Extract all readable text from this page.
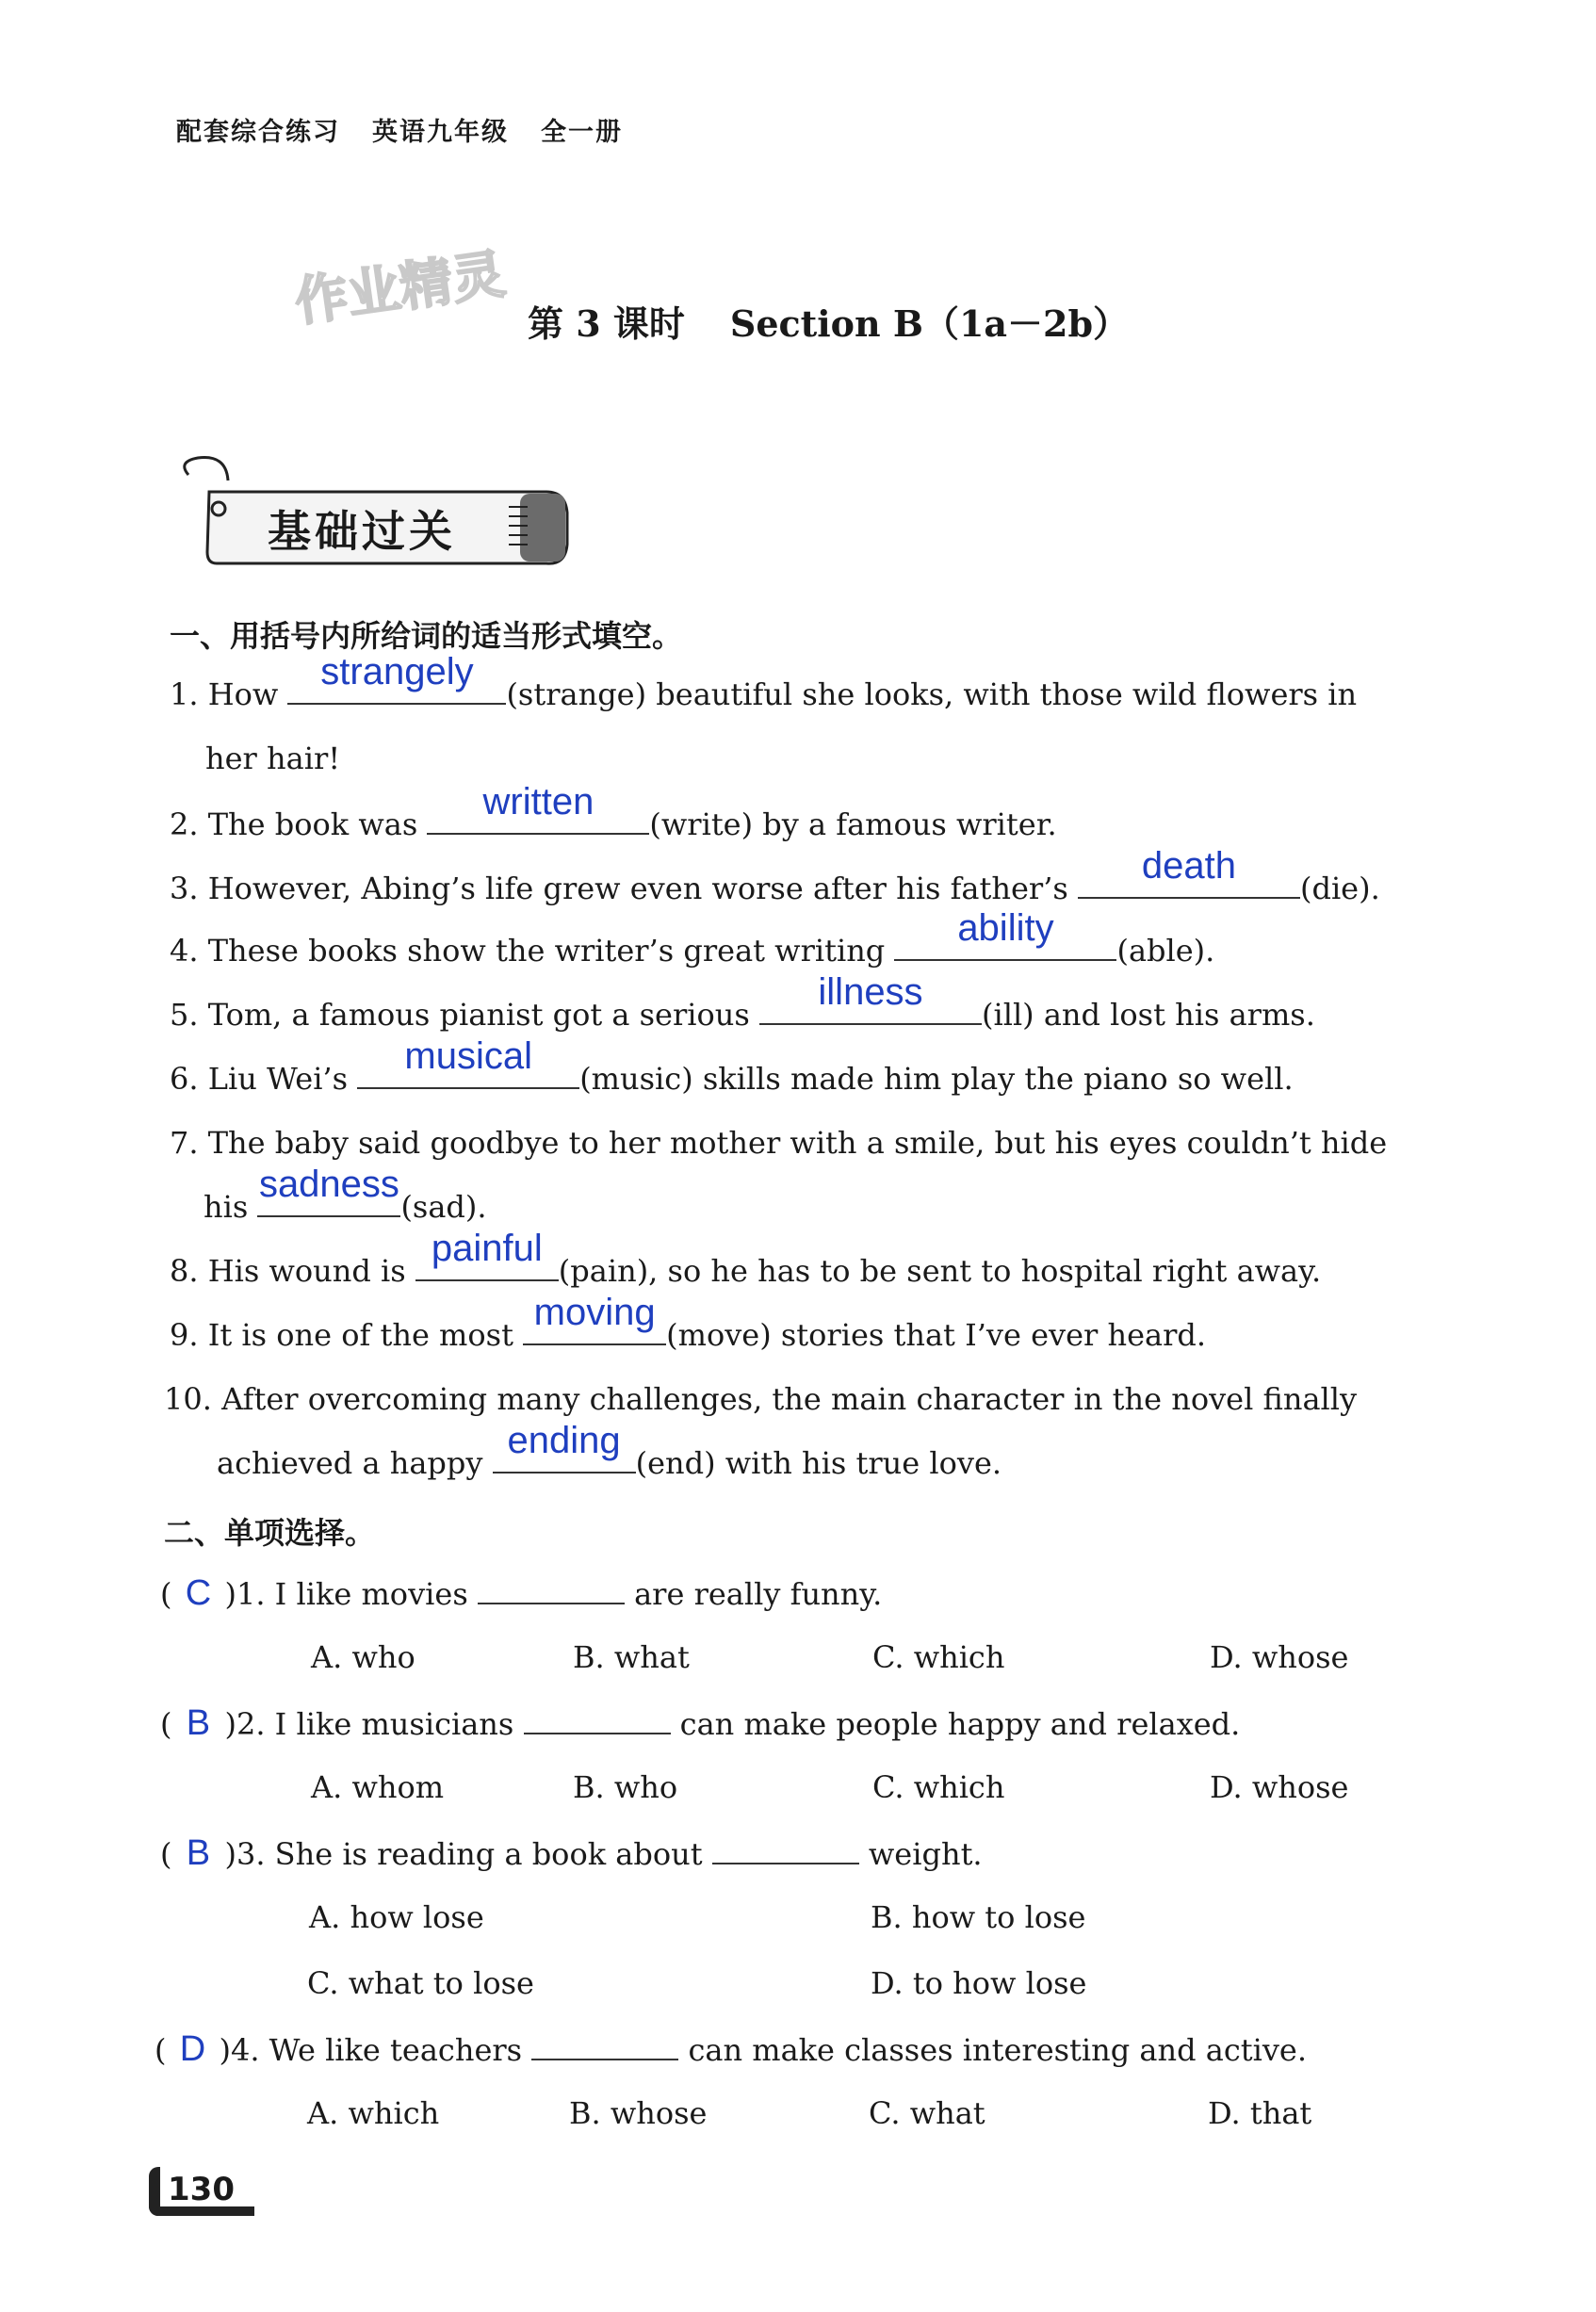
配套综合练习 英语九年级 全一册
作业精灵 第 3 课时 Section B（1a－2b）
基础过关
一、用括号内所给词的适当形式填空。
1. How
strangely
(strange) beautiful she looks, with those wild flowers in
her hair!
2. The book was
written
(write) by a famous writer.
3. However, Abing’s life grew even worse after his father’s
death
(die).
4. These books show the writer’s great writing
ability
(able).
5. Tom, a famous pianist got a serious
illness
(ill) and lost his arms.
6. Liu Wei’s
musical
(music) skills made him play the piano so well.
7. The baby said goodbye to her mother with a smile, but his eyes couldn’t hide
his
sadness
(sad).
8. His wound is
painful
(pain), so he has to be sent to hospital right away.
9. It is one of the most
moving
(move) stories that I’ve ever heard.
10. After overcoming many challenges, the main character in the novel finally
achieved a happy
ending
(end) with his true love.
二、单项选择。
( C )1. I like movies	are really funny.
A. who	B. what	C. which	D. whose
( B )2. I like musicians	can make people happy and relaxed.
A. whom	B. who	C. which	D. whose
( B )3. She is reading a book about	weight.
A. how lose	B. how to lose
C. what to lose	D. to how lose
( D )4. We like teachers	can make classes interesting and active.
A. which	B. whose	C. what	D. that
130
